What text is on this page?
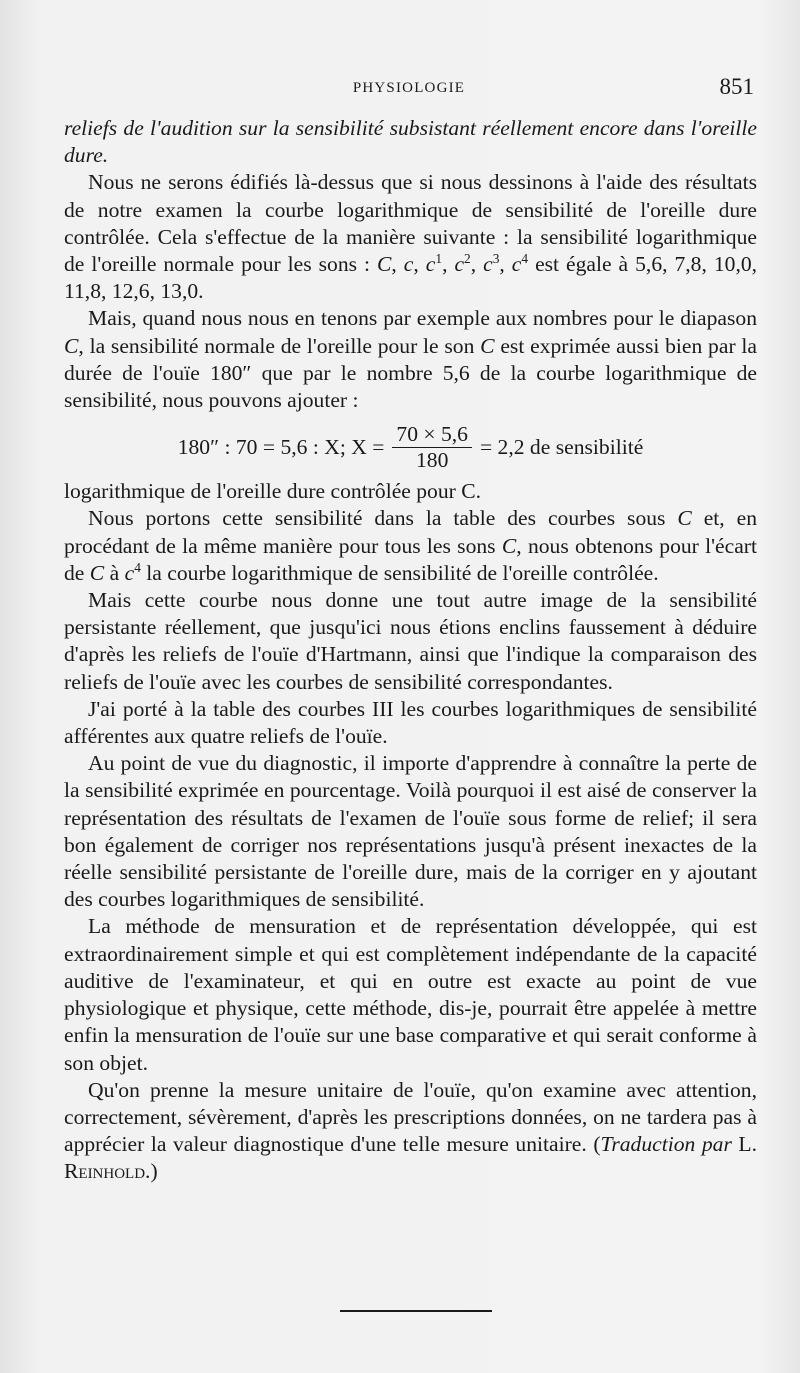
PHYSIOLOGIE	851

reliefs de l'audition sur la sensibilité subsistant réellement encore dans l'oreille dure.

Nous ne serons édifiés là-dessus que si nous dessinons à l'aide des résultats de notre examen la courbe logarithmique de sensibilité de l'oreille dure contrôlée. Cela s'effectue de la manière suivante : la sensibilité logarithmique de l'oreille normale pour les sons : C, c, $c^1$, $c^2$, $c^3$, $c^4$ est égale à 5,6, 7,8, 10,0, 11,8, 12,6, 13,0.

Mais, quand nous nous en tenons par exemple aux nombres pour le diapason C, la sensibilité normale de l'oreille pour le son C est exprimée aussi bien par la durée de l'ouïe 180″ que par le nombre 5,6 de la courbe logarithmique de sensibilité, nous pouvons ajouter :

180″ : 70 = 5,6 : X; $X = \frac{70 \times 5,6}{180} = 2,2$ de sensibilité

logarithmique de l'oreille dure contrôlée pour C.

Nous portons cette sensibilité dans la table des courbes sous C et, en procédant de la même manière pour tous les sons C, nous obtenons pour l'écart de C à $c^4$ la courbe logarithmique de sensibilité de l'oreille contrôlée.

Mais cette courbe nous donne une tout autre image de la sensibilité persistante réellement, que jusqu'ici nous étions enclins faussement à déduire d'après les reliefs de l'ouïe d'Hartmann, ainsi que l'indique la comparaison des reliefs de l'ouïe avec les courbes de sensibilité correspondantes.

J'ai porté à la table des courbes III les courbes logarithmiques de sensibilité afférentes aux quatre reliefs de l'ouïe.

Au point de vue du diagnostic, il importe d'apprendre à connaître la perte de la sensibilité exprimée en pourcentage. Voilà pourquoi il est aisé de conserver la représentation des résultats de l'examen de l'ouïe sous forme de relief; il sera bon également de corriger nos représentations jusqu'à présent inexactes de la réelle sensibilité persistante de l'oreille dure, mais de la corriger en y ajoutant des courbes logarithmiques de sensibilité.

La méthode de mensuration et de représentation développée, qui est extraordinairement simple et qui est complètement indépendante de la capacité auditive de l'examinateur, et qui en outre est exacte au point de vue physiologique et physique, cette méthode, dis-je, pourrait être appelée à mettre enfin la mensuration de l'ouïe sur une base comparative et qui serait conforme à son objet.

Qu'on prenne la mesure unitaire de l'ouïe, qu'on examine avec attention, correctement, sévèrement, d'après les prescriptions données, on ne tardera pas à apprécier la valeur diagnostique d'une telle mesure unitaire. (Traduction par L. Reinhold.)
